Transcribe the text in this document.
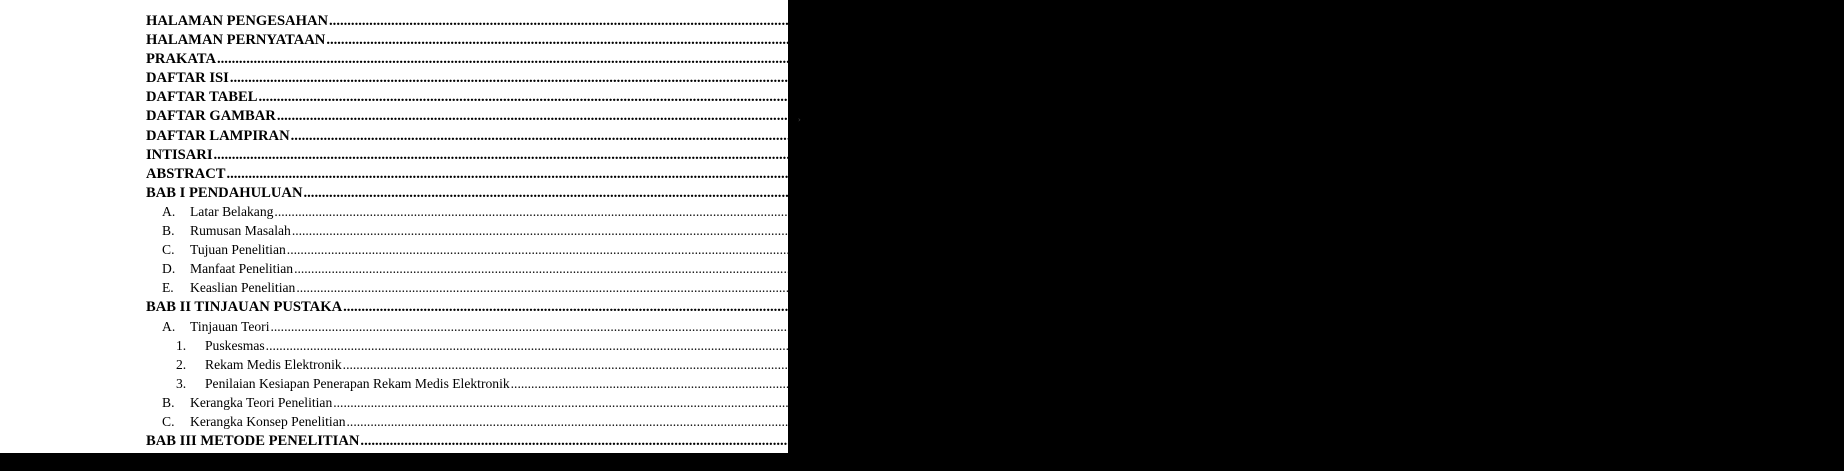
HALAMAN PENGESAHAN .....	ii
HALAMAN PERNYATAAN .....	iii
PRAKATA .....	iv
DAFTAR ISI .....	vi
DAFTAR TABEL .....	viii
DAFTAR GAMBAR .....	ix
DAFTAR LAMPIRAN .....	x
INTISARI .....	xi
ABSTRACT .....	xii
BAB I PENDAHULUAN .....	1
A.	Latar Belakang .....	1
B.	Rumusan Masalah .....	4
C.	Tujuan Penelitian .....	4
D.	Manfaat Penelitian .....	5
E.	Keaslian Penelitian .....	5
BAB II TINJAUAN PUSTAKA .....	7
A.	Tinjauan Teori .....	7
1.	Puskesmas .....	7
2.	Rekam Medis Elektronik .....	10
3.	Penilaian Kesiapan Penerapan Rekam Medis Elektronik .....	19
B.	Kerangka Teori Penelitian .....	21
C.	Kerangka Konsep Penelitian .....	22
BAB III METODE PENELITIAN .....	24
A.	Desain Karya Tulis Ilmiah .....	24
›
